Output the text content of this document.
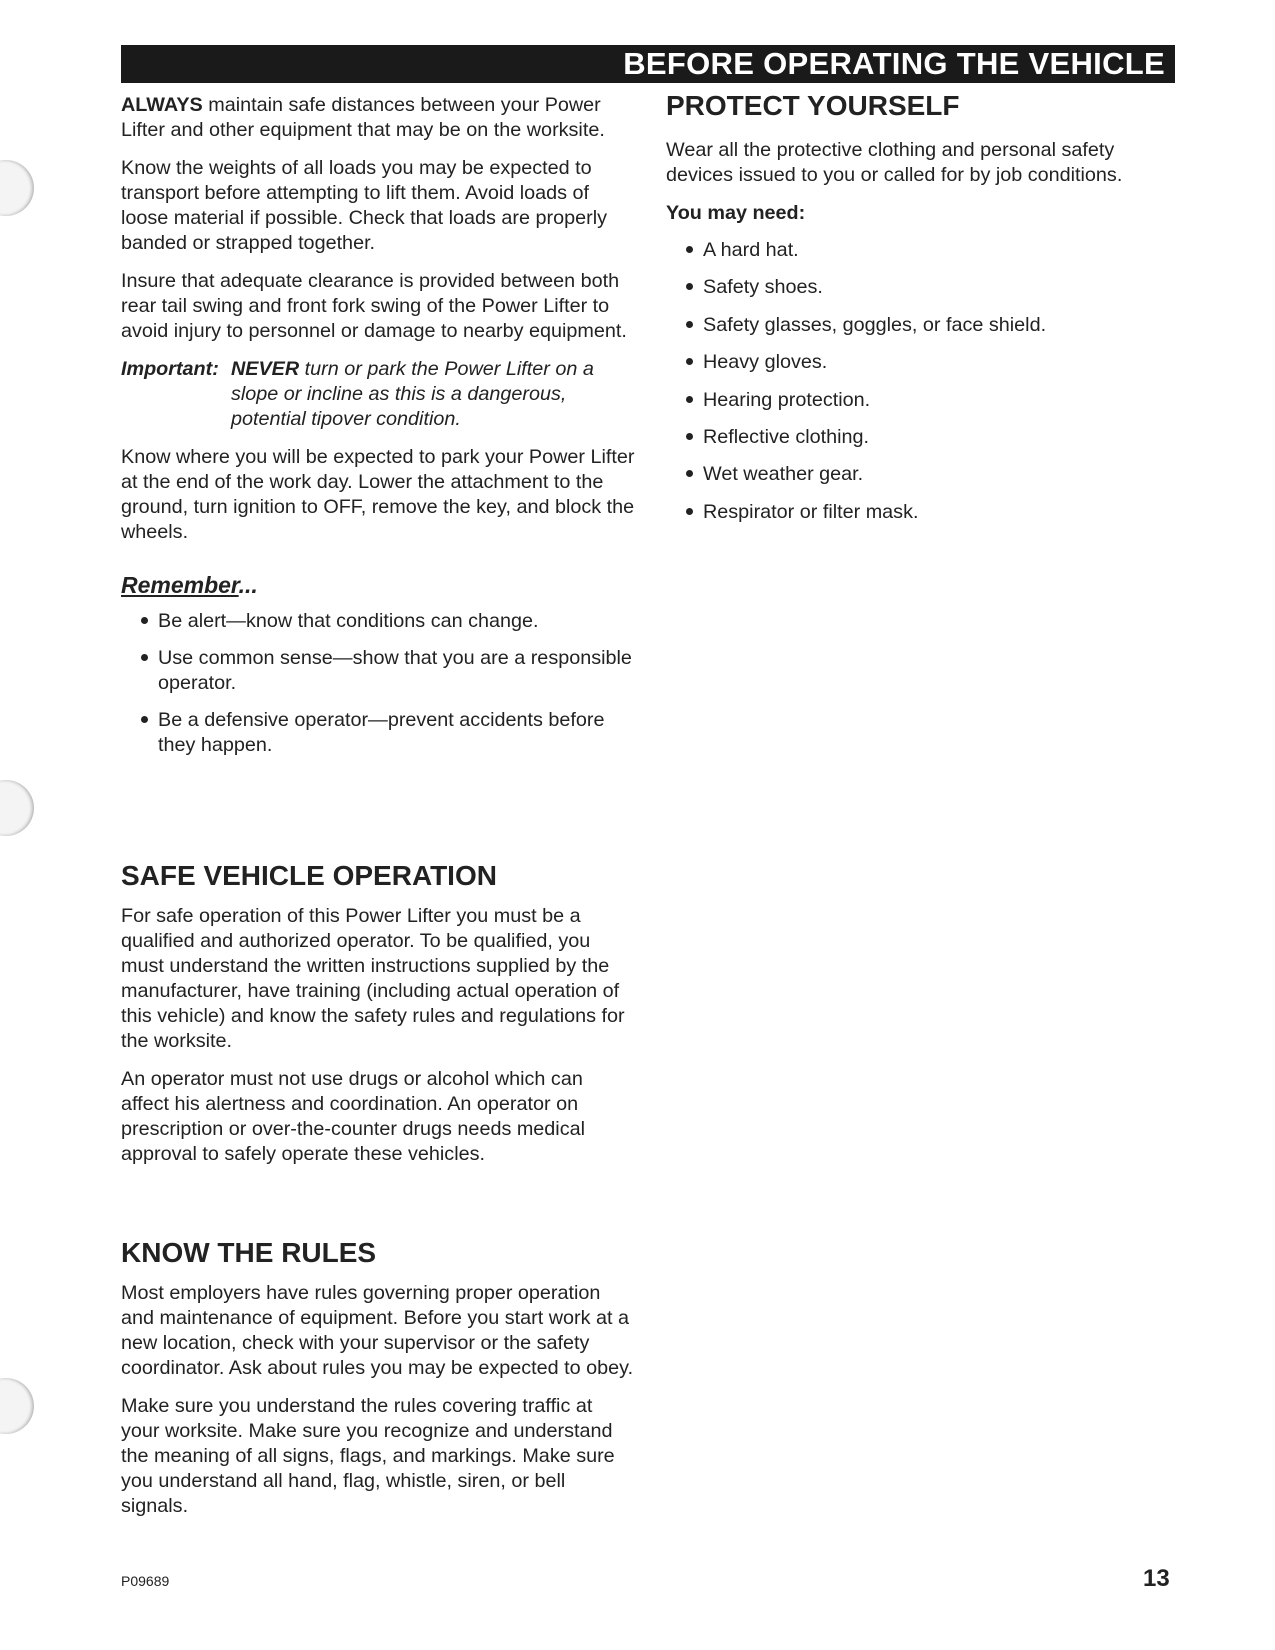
BEFORE OPERATING THE VEHICLE

ALWAYS maintain safe distances between your Power Lifter and other equipment that may be on the worksite.

Know the weights of all loads you may be expected to transport before attempting to lift them. Avoid loads of loose material if possible. Check that loads are properly banded or strapped together.

Insure that adequate clearance is provided between both rear tail swing and front fork swing of the Power Lifter to avoid injury to personnel or damage to nearby equipment.

Important: NEVER turn or park the Power Lifter on a slope or incline as this is a dangerous, potential tipover condition.

Know where you will be expected to park your Power Lifter at the end of the work day. Lower the attachment to the ground, turn ignition to OFF, remove the key, and block the wheels.

Remember...
Be alert—know that conditions can change.
Use common sense—show that you are a responsible operator.
Be a defensive operator—prevent accidents before they happen.
SAFE VEHICLE OPERATION

For safe operation of this Power Lifter you must be a qualified and authorized operator. To be qualified, you must understand the written instructions supplied by the manufacturer, have training (including actual operation of this vehicle) and know the safety rules and regulations for the worksite.

An operator must not use drugs or alcohol which can affect his alertness and coordination. An operator on prescription or over-the-counter drugs needs medical approval to safely operate these vehicles.

KNOW THE RULES

Most employers have rules governing proper operation and maintenance of equipment. Before you start work at a new location, check with your supervisor or the safety coordinator. Ask about rules you may be expected to obey.

Make sure you understand the rules covering traffic at your worksite. Make sure you recognize and understand the meaning of all signs, flags, and markings. Make sure you understand all hand, flag, whistle, siren, or bell signals.

PROTECT YOURSELF

Wear all the protective clothing and personal safety devices issued to you or called for by job conditions.

You may need:
A hard hat.
Safety shoes.
Safety glasses, goggles, or face shield.
Heavy gloves.
Hearing protection.
Reflective clothing.
Wet weather gear.
Respirator or filter mask.
P09689	13
